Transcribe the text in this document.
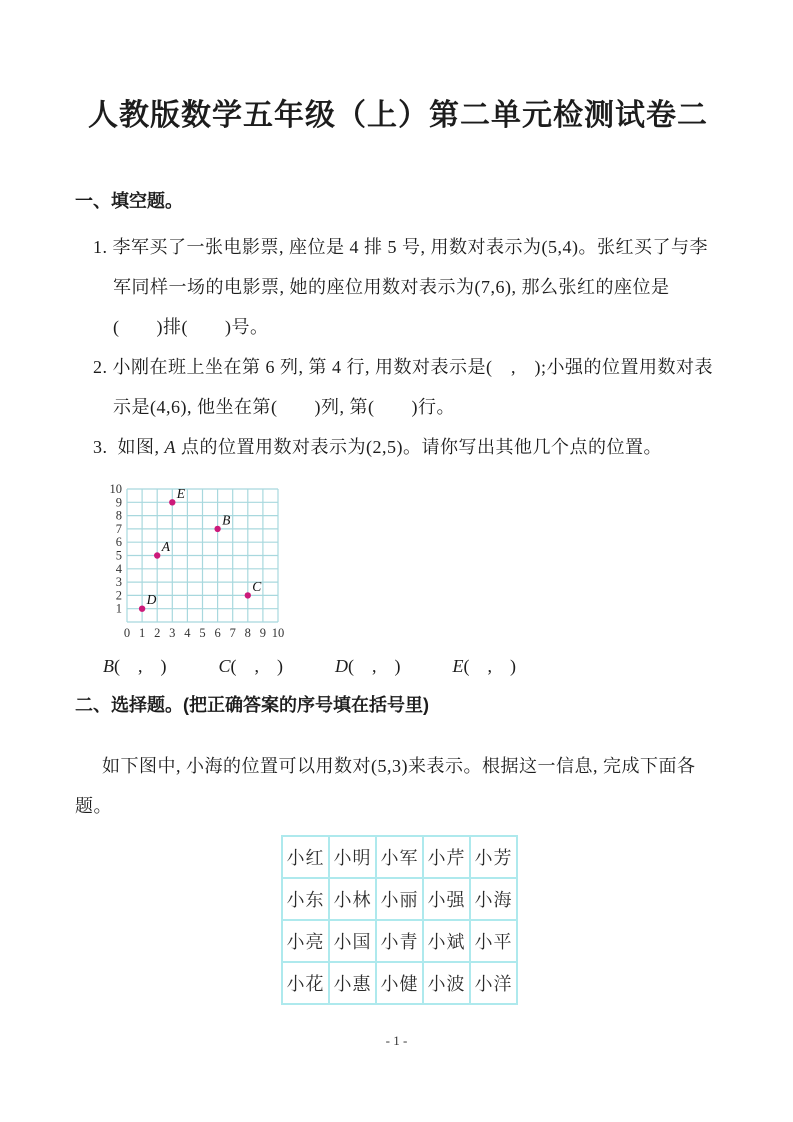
人教版数学五年级（上）第二单元检测试卷二
一、填空题。
1. 李军买了一张电影票, 座位是 4 排 5 号, 用数对表示为(5,4)。张红买了与李
军同样一场的电影票, 她的座位用数对表示为(7,6), 那么张红的座位是
(　　)排(　　)号。
2. 小刚在班上坐在第 6 列, 第 4 行, 用数对表示是(　,　);小强的位置用数对表
示是(4,6), 他坐在第(　　)列, 第(　　)行。
3.  如图, A 点的位置用数对表示为(2,5)。请你写出其他几个点的位置。
0 1 2 3 4 5 6 7 8 9 10
1
2
3
4
5
6
7
8
9
10
A
B
C
D
E
B(　,　)	C(　,　)	D(　,　)	E(　,　)
二、选择题。(把正确答案的序号填在括号里)
如下图中, 小海的位置可以用数对(5,3)来表示。根据这一信息, 完成下面各
题。
小红	小明	小军	小芹	小芳
小东	小林	小丽	小强	小海
小亮	小国	小青	小斌	小平
小花	小惠	小健	小波	小洋
- 1 -
